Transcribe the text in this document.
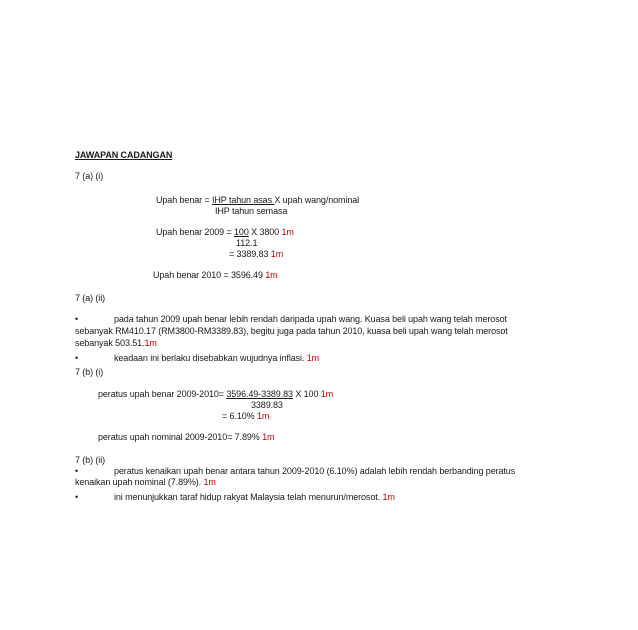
JAWAPAN CADANGAN
7 (a) (i)
Upah benar = IHP tahun asas X upah wang/nominal
IHP tahun semasa
Upah benar 2009 = 100 X 3800 1m
112.1
= 3389.83 1m
Upah benar 2010 = 3596.49 1m
7 (a) (ii)
•	pada tahun 2009 upah benar lebih rendah daripada upah wang. Kuasa beli upah wang telah merosot
sebanyak RM410.17 (RM3800-RM3389.83), begitu juga pada tahun 2010, kuasa beli upah wang telah merosot
sebanyak 503.51.1m
•	keadaan ini berlaku disebabkan wujudnya inflasi. 1m
7 (b) (i)
peratus upah benar 2009-2010= 3596.49-3389.83 X 100 1m
3389.83
= 6.10% 1m
peratus upah nominal 2009-2010= 7.89% 1m
7 (b) (ii)
•	peratus kenaikan upah benar antara tahun 2009-2010 (6.10%) adalah lebih rendah berbanding peratus
kenaikan upah nominal (7.89%). 1m
•	ini menunjukkan taraf hidup rakyat Malaysia telah menurun/merosot. 1m
